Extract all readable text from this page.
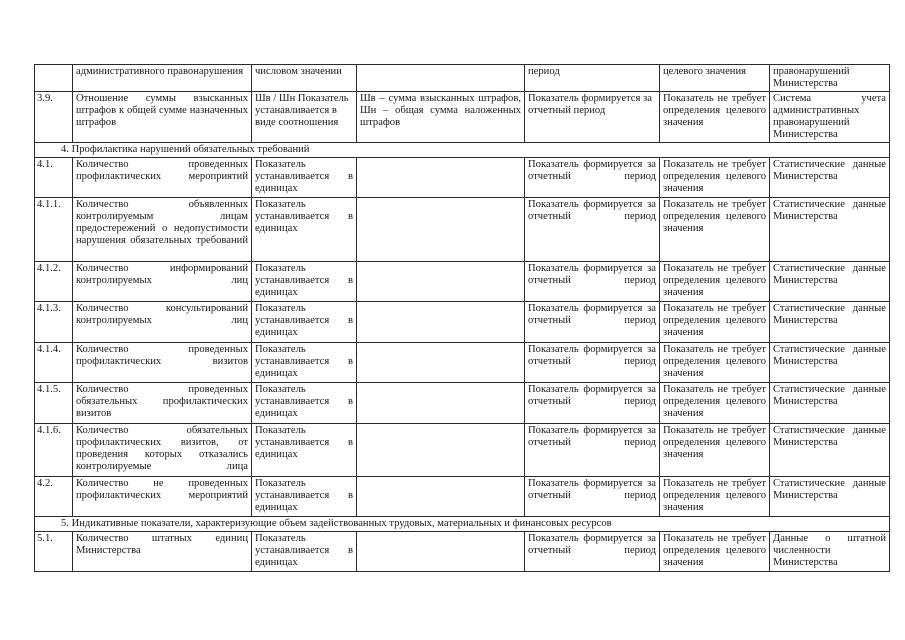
	административного правонарушения	числовом значении		период	целевого значения	правонарушений Министерства
3.9.	Отношение суммы взысканных штрафов к общей сумме назначенных штрафов	Шв / Шн Показатель устанавливается в виде соотношения	Шв – сумма взысканных штрафов, Шн – общая сумма наложенных штрафов	Показатель формируется за отчетный период	Показатель не требует определения целевого значения	Система учета административных правонарушений Министерства
4. Профилактика нарушений обязательных требований						
4.1.	Количество проведенных профилактических мероприятий	Показатель устанавливается в единицах		Показатель формируется за отчетный период	Показатель не требует определения целевого значения	Статистические данные Министерства
4.1.1.	Количество объявленных контролируемым лицам предостережений о недопустимости нарушения обязательных требований	Показатель устанавливается в единицах		Показатель формируется за отчетный период	Показатель не требует определения целевого значения	Статистические данные Министерства
4.1.2.	Количество информирований контролируемых лиц	Показатель устанавливается в единицах		Показатель формируется за отчетный период	Показатель не требует определения целевого значения	Статистические данные Министерства
4.1.3.	Количество консультирований контролируемых лиц	Показатель устанавливается в единицах		Показатель формируется за отчетный период	Показатель не требует определения целевого значения	Статистические данные Министерства
4.1.4.	Количество проведенных профилактических визитов	Показатель устанавливается в единицах		Показатель формируется за отчетный период	Показатель не требует определения целевого значения	Статистические данные Министерства
4.1.5.	Количество проведенных обязательных профилактических визитов	Показатель устанавливается в единицах		Показатель формируется за отчетный период	Показатель не требует определения целевого значения	Статистические данные Министерства
4.1.6.	Количество обязательных профилактических визитов, от проведения которых отказались контролируемые лица	Показатель устанавливается в единицах		Показатель формируется за отчетный период	Показатель не требует определения целевого значения	Статистические данные Министерства
4.2.	Количество не проведенных профилактических мероприятий	Показатель устанавливается в единицах		Показатель формируется за отчетный период	Показатель не требует определения целевого значения	Статистические данные Министерства
5. Индикативные показатели, характеризующие объем задействованных трудовых, материальных и финансовых ресурсов						
5.1.	Количество штатных единиц Министерства	Показатель устанавливается в единицах		Показатель формируется за отчетный период	Показатель не требует определения целевого значения	Данные о штатной численности Министерства
